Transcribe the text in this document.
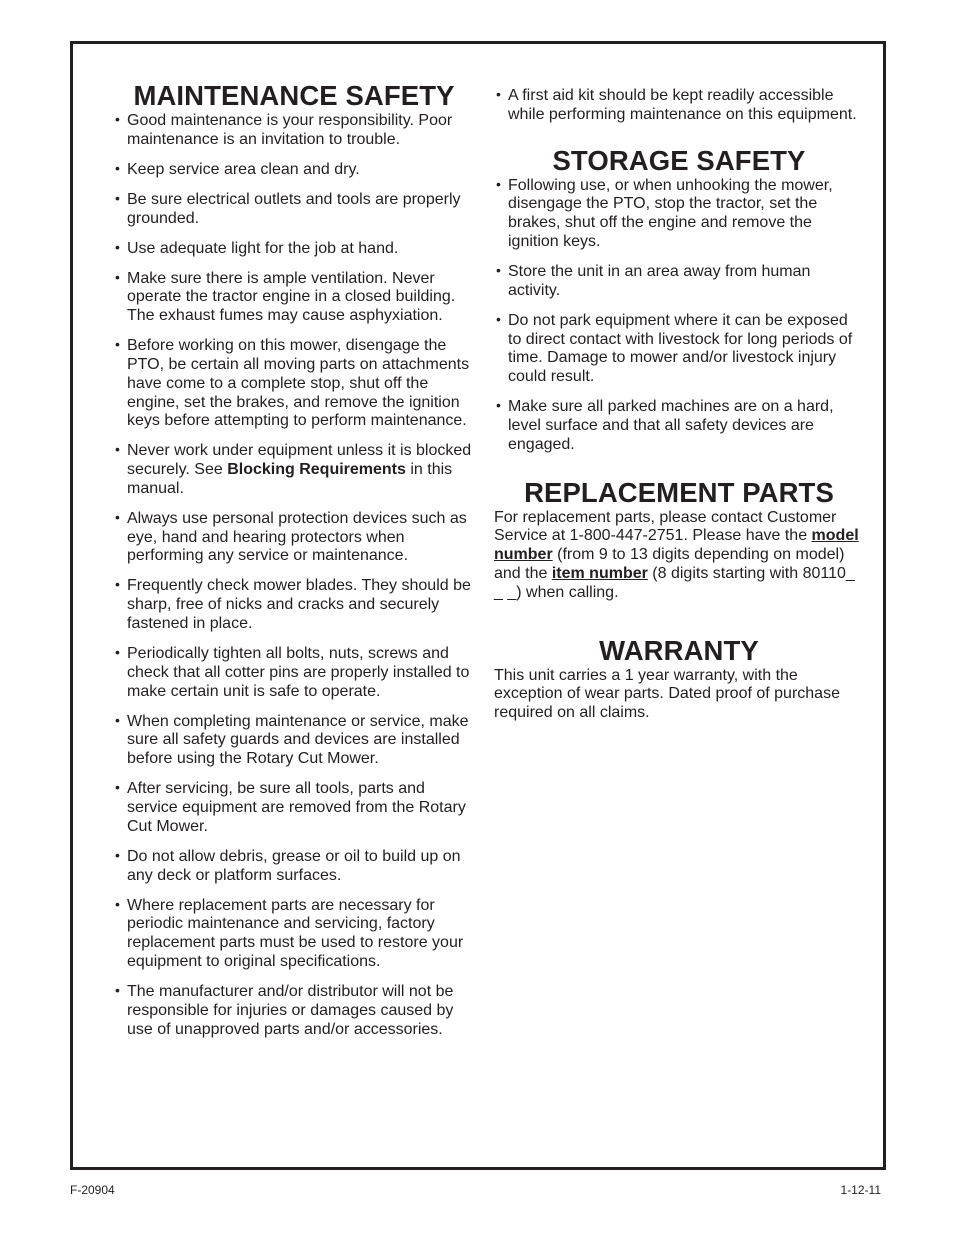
MAINTENANCE SAFETY
• Good maintenance is your responsibility. Poor maintenance is an invitation to trouble.
• Keep service area clean and dry.
• Be sure electrical outlets and tools are properly grounded.
• Use adequate light for the job at hand.
• Make sure there is ample ventilation. Never operate the tractor engine in a closed building. The exhaust fumes may cause asphyxiation.
• Before working on this mower, disengage the PTO, be certain all moving parts on attachments have come to a complete stop, shut off the engine, set the brakes, and remove the ignition keys before attempting to perform maintenance.
• Never work under equipment unless it is blocked securely. See Blocking Requirements in this manual.
• Always use personal protection devices such as eye, hand and hearing protectors when performing any service or maintenance.
• Frequently check mower blades. They should be sharp, free of nicks and cracks and securely fastened in place.
• Periodically tighten all bolts, nuts, screws and check that all cotter pins are properly installed to make certain unit is safe to operate.
• When completing maintenance or service, make sure all safety guards and devices are installed before using the Rotary Cut Mower.
• After servicing, be sure all tools, parts and service equipment are removed from the Rotary Cut Mower.
• Do not allow debris, grease or oil to build up on any deck or platform surfaces.
• Where replacement parts are necessary for periodic maintenance and servicing, factory replacement parts must be used to restore your equipment to original specifications.
• The manufacturer and/or distributor will not be responsible for injuries or damages caused by use of unapproved parts and/or accessories.
• A first aid kit should be kept readily accessible while performing maintenance on this equipment.
STORAGE SAFETY
• Following use, or when unhooking the mower, disengage the PTO, stop the tractor, set the brakes, shut off the engine and remove the ignition keys.
• Store the unit in an area away from human activity.
• Do not park equipment where it can be exposed to direct contact with livestock for long periods of time. Damage to mower and/or livestock injury could result.
• Make sure all parked machines are on a hard, level surface and that all safety devices are engaged.
REPLACEMENT PARTS

For replacement parts, please contact Customer Service at 1-800-447-2751. Please have the model number (from 9 to 13 digits depending on model) and the item number (8 digits starting with 80110_ _ _) when calling.

WARRANTY

This unit carries a 1 year warranty, with the exception of wear parts. Dated proof of purchase required on all claims.

F-20904	1-12-11
